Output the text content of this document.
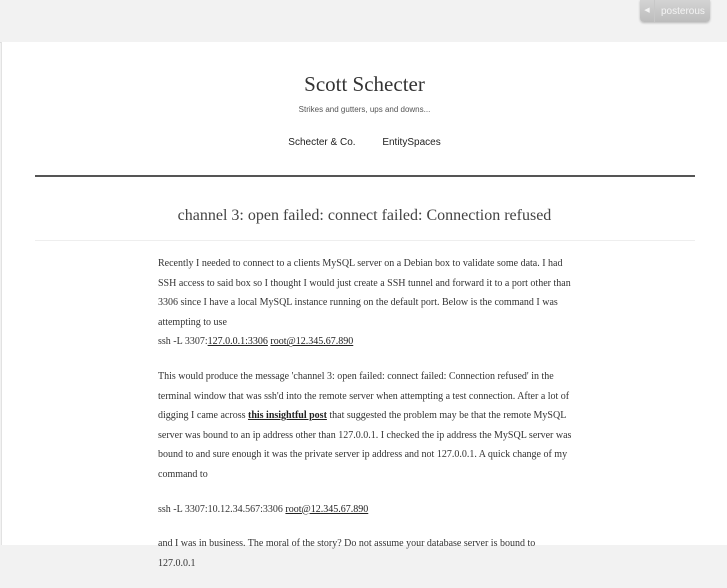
◀	posterous
Scott Schecter
Strikes and gutters, ups and downs...
Schecter & Co.	EntitySpaces
channel 3: open failed: connect failed: Connection refused

Recently I needed to connect to a clients MySQL server on a Debian box to validate some data. I had SSH access to said box so I thought I would just create a SSH tunnel and forward it to a port other than 3306 since I have a local MySQL instance running on the default port. Below is the command I was attempting to use
ssh -L 3307:127.0.0.1:3306 root@12.345.67.890

This would produce the message 'channel 3: open failed: connect failed: Connection refused' in the terminal window that was ssh'd into the remote server when attempting a test connection. After a lot of digging I came across this insightful post that suggested the problem may be that the remote MySQL server was bound to an ip address other than 127.0.0.1. I checked the ip address the MySQL server was bound to and sure enough it was the private server ip address and not 127.0.0.1. A quick change of my command to

ssh -L 3307:10.12.34.567:3306 root@12.345.67.890

and I was in business. The moral of the story? Do not assume your database server is bound to 127.0.0.1
